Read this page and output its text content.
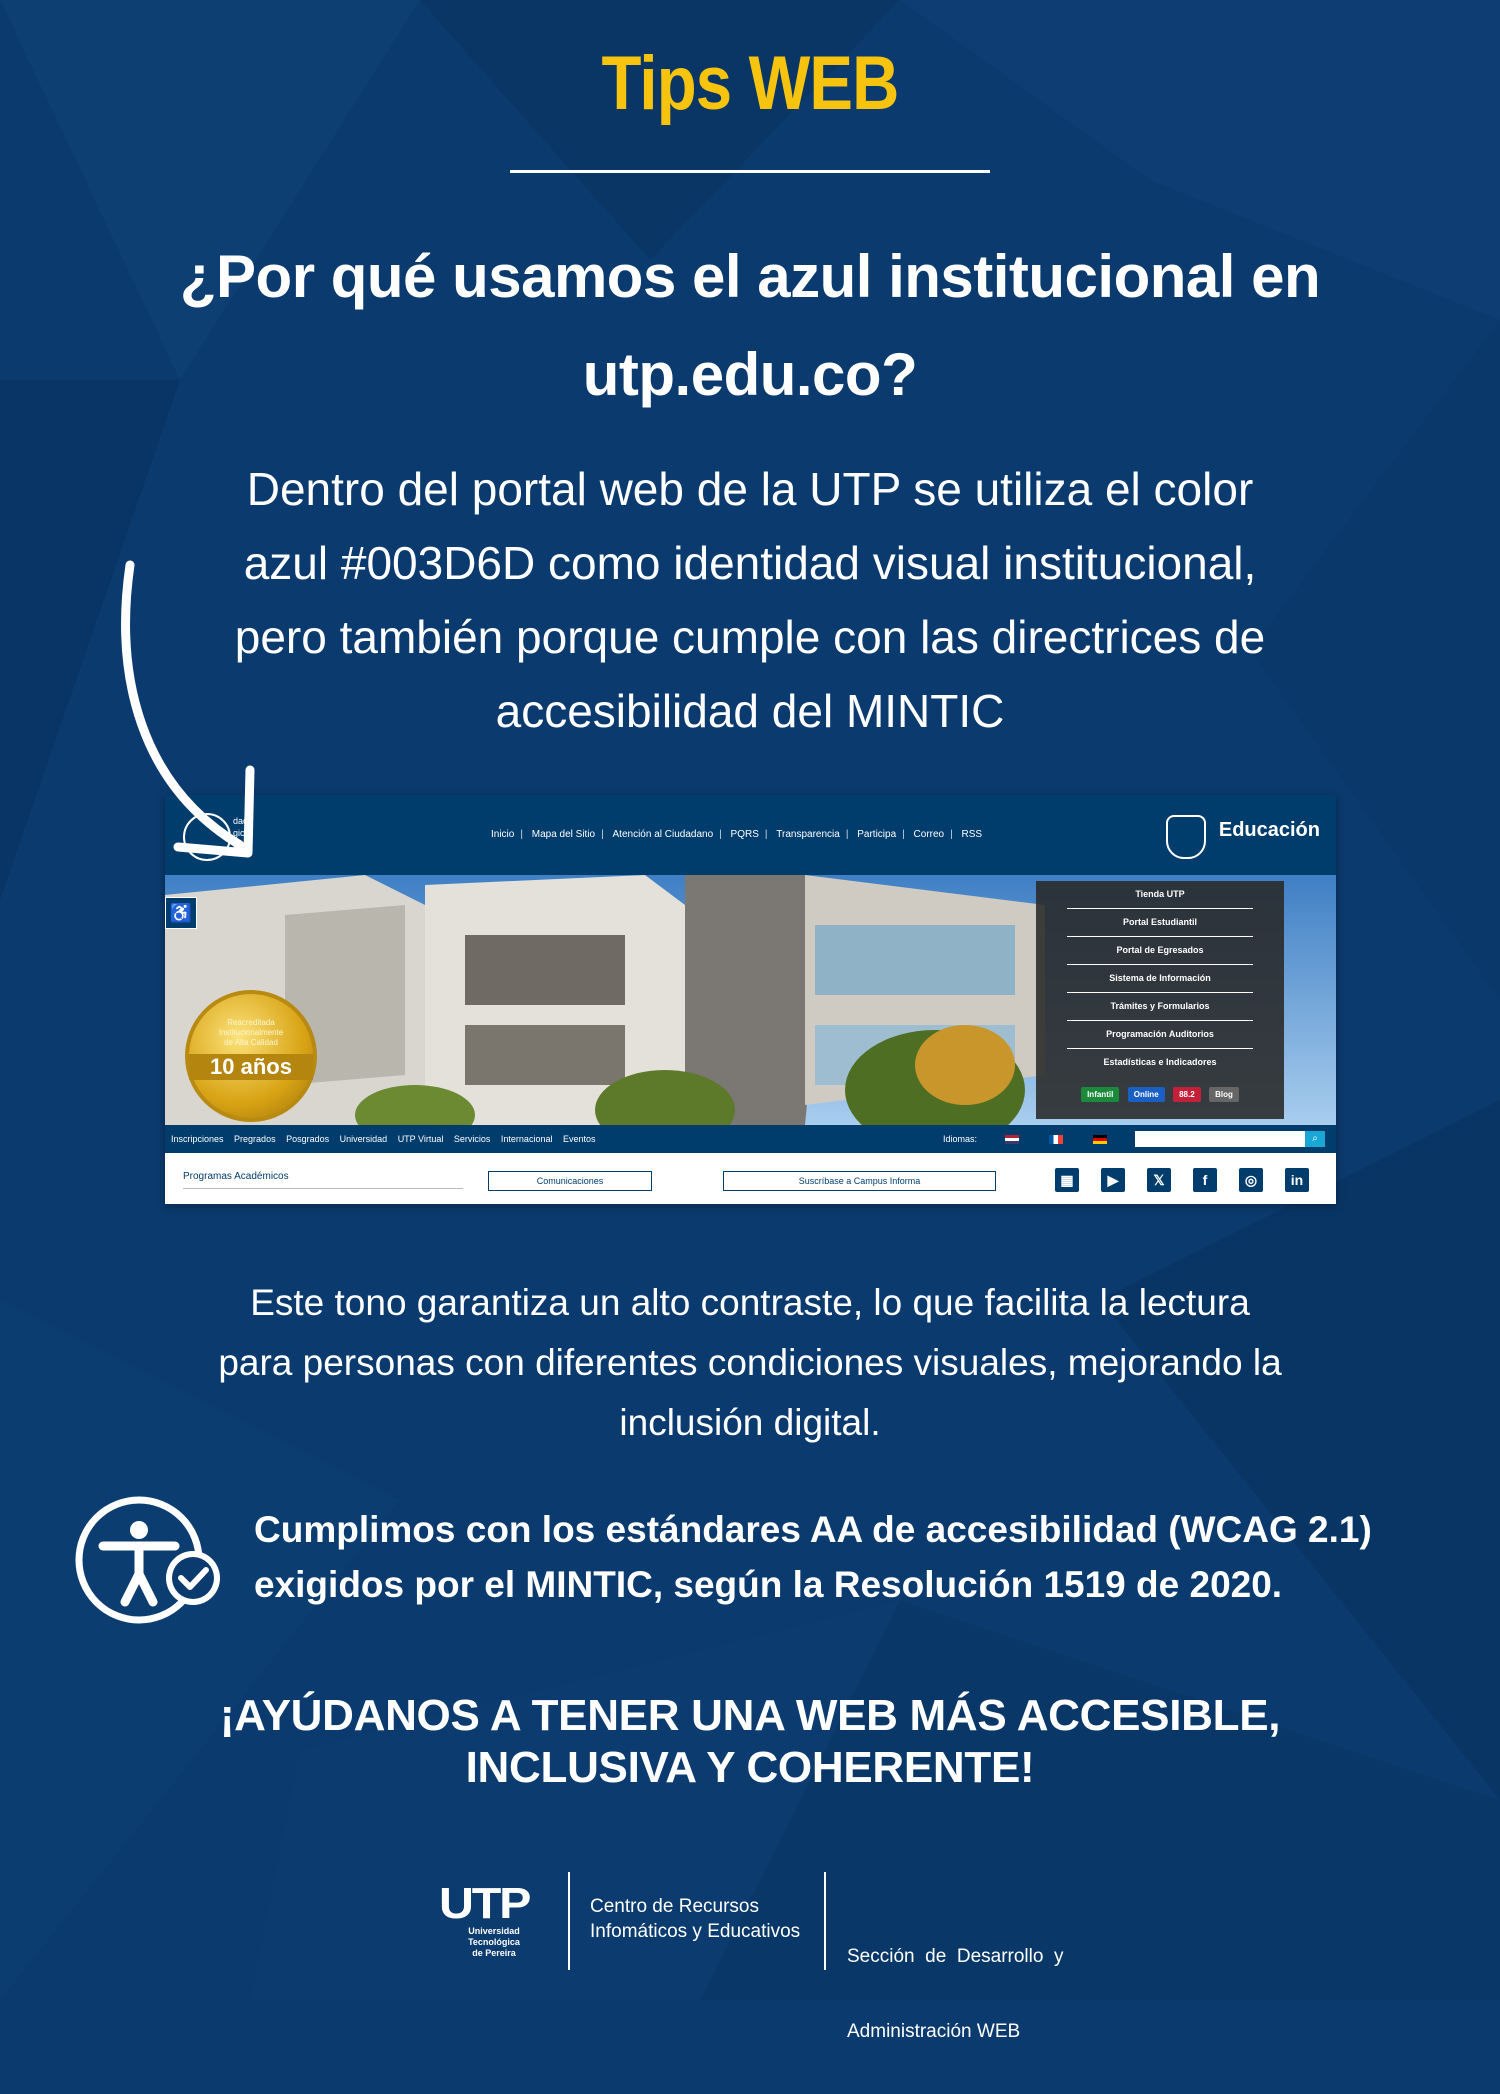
Tips WEB
¿Por qué usamos el azul institucional en
utp.edu.co?
Dentro del portal web de la UTP se utiliza el color
azul #003D6D como identidad visual institucional,
pero también porque cumple con las directrices de
accesibilidad del MINTIC
dad
gica
eira
Inicio | Mapa del Sitio | Atención al Ciudadano | PQRS | Transparencia | Participa | Correo | RSS	Educación
♿
Reacreditada
Institucionalmente
de Alta Calidad
10 años
Tienda UTP
Portal Estudiantil
Portal de Egresados
Sistema de Información
Trámites y Formularios
Programación Auditorios
Estadísticas e Indicadores
Infantil	Online	88.2	Blog
Inscripciones Pregrados Posgrados Universidad UTP Virtual Servicios Internacional Eventos	Idiomas:	⌕
Programas Académicos	Comunicaciones	Suscríbase a Campus Informa	▦	▶	𝕏	f	◎	in
Este tono garantiza un alto contraste, lo que facilita la lectura
para personas con diferentes condiciones visuales, mejorando la
inclusión digital.
Cumplimos con los estándares AA de accesibilidad (WCAG 2.1)
exigidos por el MINTIC, según la Resolución 1519 de 2020.
¡AYÚDANOS A TENER UNA WEB MÁS ACCESIBLE,
INCLUSIVA Y COHERENTE!
UTP
Universidad Tecnológica
de Pereira
Centro de Recursos
Infomáticos y Educativos

Sección  de  Desarrollo  y

Administración WEB
